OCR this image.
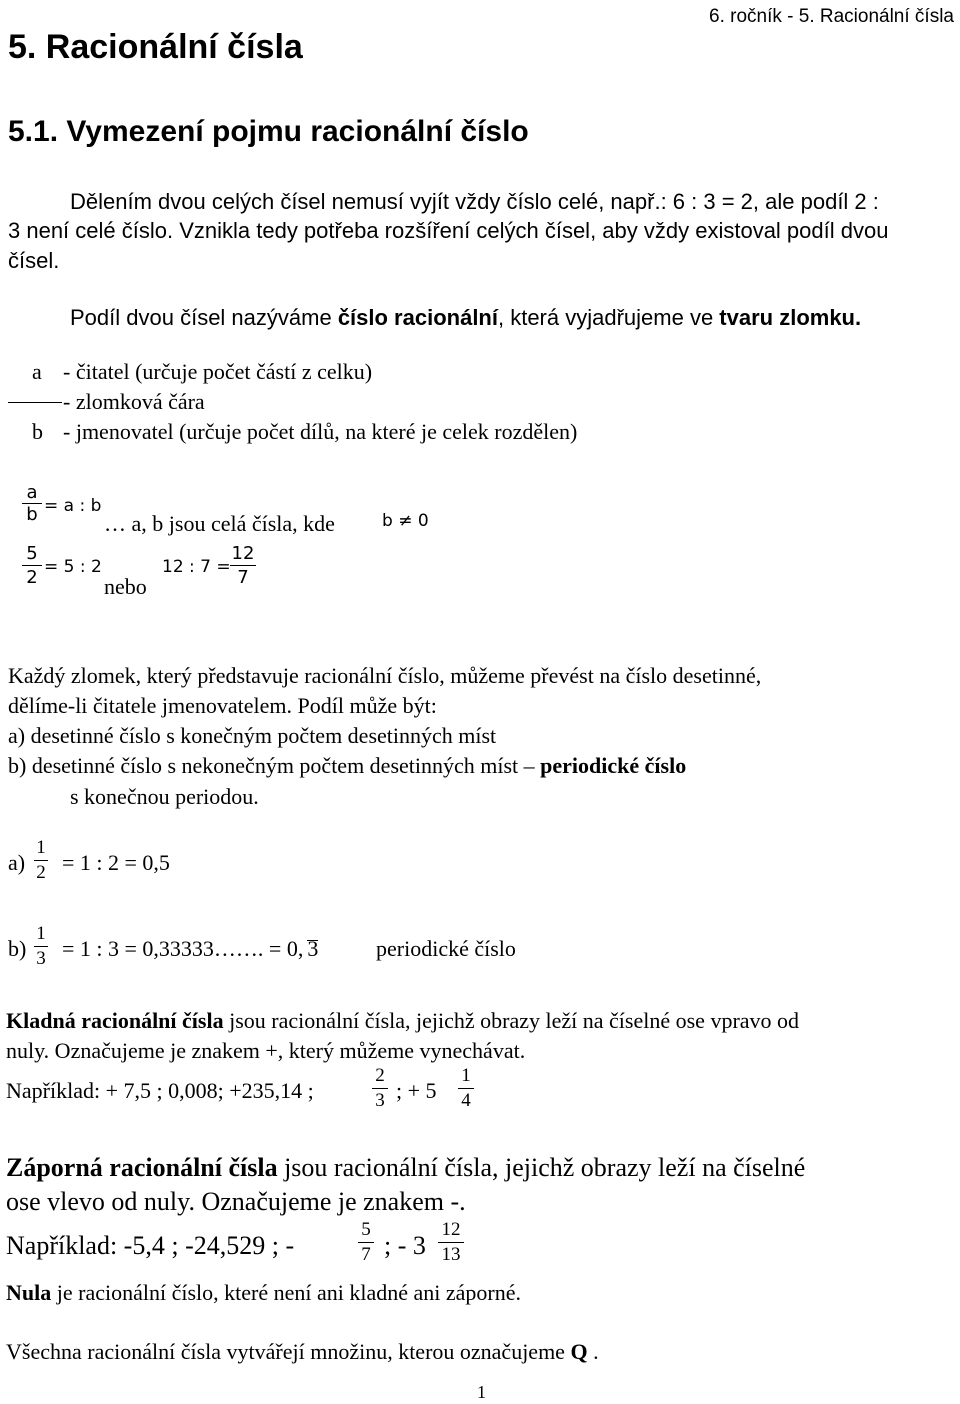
5. Racionální čísla
6. ročník - 5. Racionální čísla
5.1. Vymezení pojmu racionální číslo
Dělením dvou celých čísel nemusí vyjít vždy číslo celé, např.: 6 : 3 = 2, ale podíl 2 :
3 není celé číslo. Vznikla tedy potřeba rozšíření celých čísel, aby vždy existoval podíl dvou
čísel.
Podíl dvou čísel nazýváme číslo racionální, která vyjadřujeme ve tvaru zlomku.
a - čitatel (určuje počet částí z celku)
- zlomková čára
b - jmenovatel (určuje počet dílů, na které je celek rozdělen)
a
b = a : b
… a, b jsou celá čísla, kde	b ≠ 0
5
2 = 5 : 2
nebo
12 : 7 =
12
7
Každý zlomek, který představuje racionální číslo, můžeme převést na číslo desetinné,
dělíme-li čitatele jmenovatelem. Podíl může být:
a) desetinné číslo s konečným počtem desetinných míst
b) desetinné číslo s nekonečným počtem desetinných míst – periodické číslo
s konečnou periodou.
a)
1
2 = 1 : 2 = 0,5
b)
1
3 = 1 : 3 = 0,33333……. = 0, 3	periodické číslo
Kladná racionální čísla jsou racionální čísla, jejichž obrazy leží na číselné ose vpravo od
nuly. Označujeme je znakem +, který můžeme vynechávat.
Například: + 7,5 ; 0,008; +235,14 ;
2
3 ; + 5
1
4
Záporná racionální čísla jsou racionální čísla, jejichž obrazy leží na číselné
ose vlevo od nuly. Označujeme je znakem -.
Například: -5,4 ; -24,529 ; -
5
7 ; - 3
12
13
Nula je racionální číslo, které není ani kladné ani záporné.
Všechna racionální čísla vytvářejí množinu, kterou označujeme Q .
1
